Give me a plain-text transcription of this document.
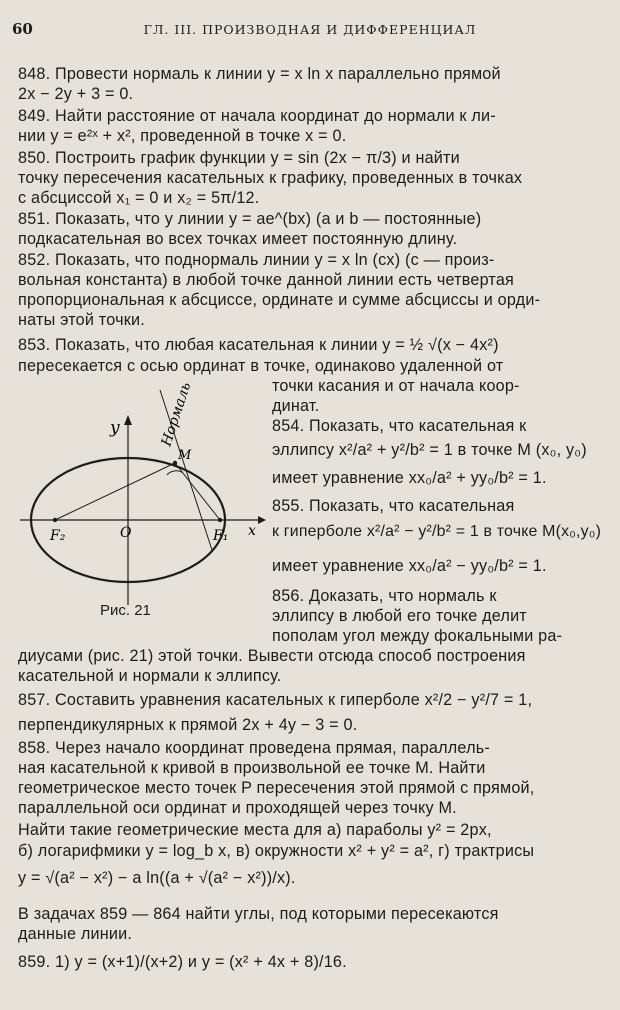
60	ГЛ. III. ПРОИЗВОДНАЯ И ДИФФЕРЕНЦИАЛ
848. Провести нормаль к линии y = x ln x параллельно прямой
2x − 2y + 3 = 0.
849. Найти расстояние от начала координат до нормали к ли-
нии y = e²ˣ + x², проведенной в точке x = 0.
850. Построить график функции y = sin (2x − π/3) и найти
точку пересечения касательных к графику, проведенных в точках
с абсциссой x₁ = 0 и x₂ = 5π/12.
851. Показать, что у линии y = ae^(bx) (a и b — постоянные)
подкасательная во всех точках имеет постоянную длину.
852. Показать, что поднормаль линии y = x ln (cx) (c — произ-
вольная константа) в любой точке данной линии есть четвертая
пропорциональная к абсциссе, ординате и сумме абсциссы и орди-
наты этой точки.
853. Показать, что любая касательная к линии y = ½ √(x − 4x²)
пересекается с осью ординат в точке, одинаково удаленной от
точки касания и от начала коор-
динат.
854. Показать, что касательная к
эллипсу x²/a² + y²/b² = 1 в точке M (x₀, y₀)
имеет уравнение xx₀/a² + yy₀/b² = 1.
855. Показать, что касательная
к гиперболе x²/a² − y²/b² = 1 в точке M(x₀,y₀)
имеет уравнение xx₀/a² − yy₀/b² = 1.
856. Доказать, что нормаль к
эллипсу в любой его точке делит
пополам угол между фокальными ра-
y
x
O
F₂	F₁
M
Нормаль
Рис. 21
диусами (рис. 21) этой точки. Вывести отсюда способ построения
касательной и нормали к эллипсу.
857. Составить уравнения касательных к гиперболе x²/2 − y²/7 = 1,
перпендикулярных к прямой 2x + 4y − 3 = 0.
858. Через начало координат проведена прямая, параллель-
ная касательной к кривой в произвольной ее точке M. Найти
геометрическое место точек P пересечения этой прямой с прямой,
параллельной оси ординат и проходящей через точку M.
Найти такие геометрические места для а) параболы y² = 2px,
б) логарифмики y = log_b x, в) окружности x² + y² = a², г) трактрисы
y = √(a² − x²) − a ln((a + √(a² − x²))/x).
В задачах 859 — 864 найти углы, под которыми пересекаются
данные линии.
859. 1) y = (x+1)/(x+2) и y = (x² + 4x + 8)/16.
